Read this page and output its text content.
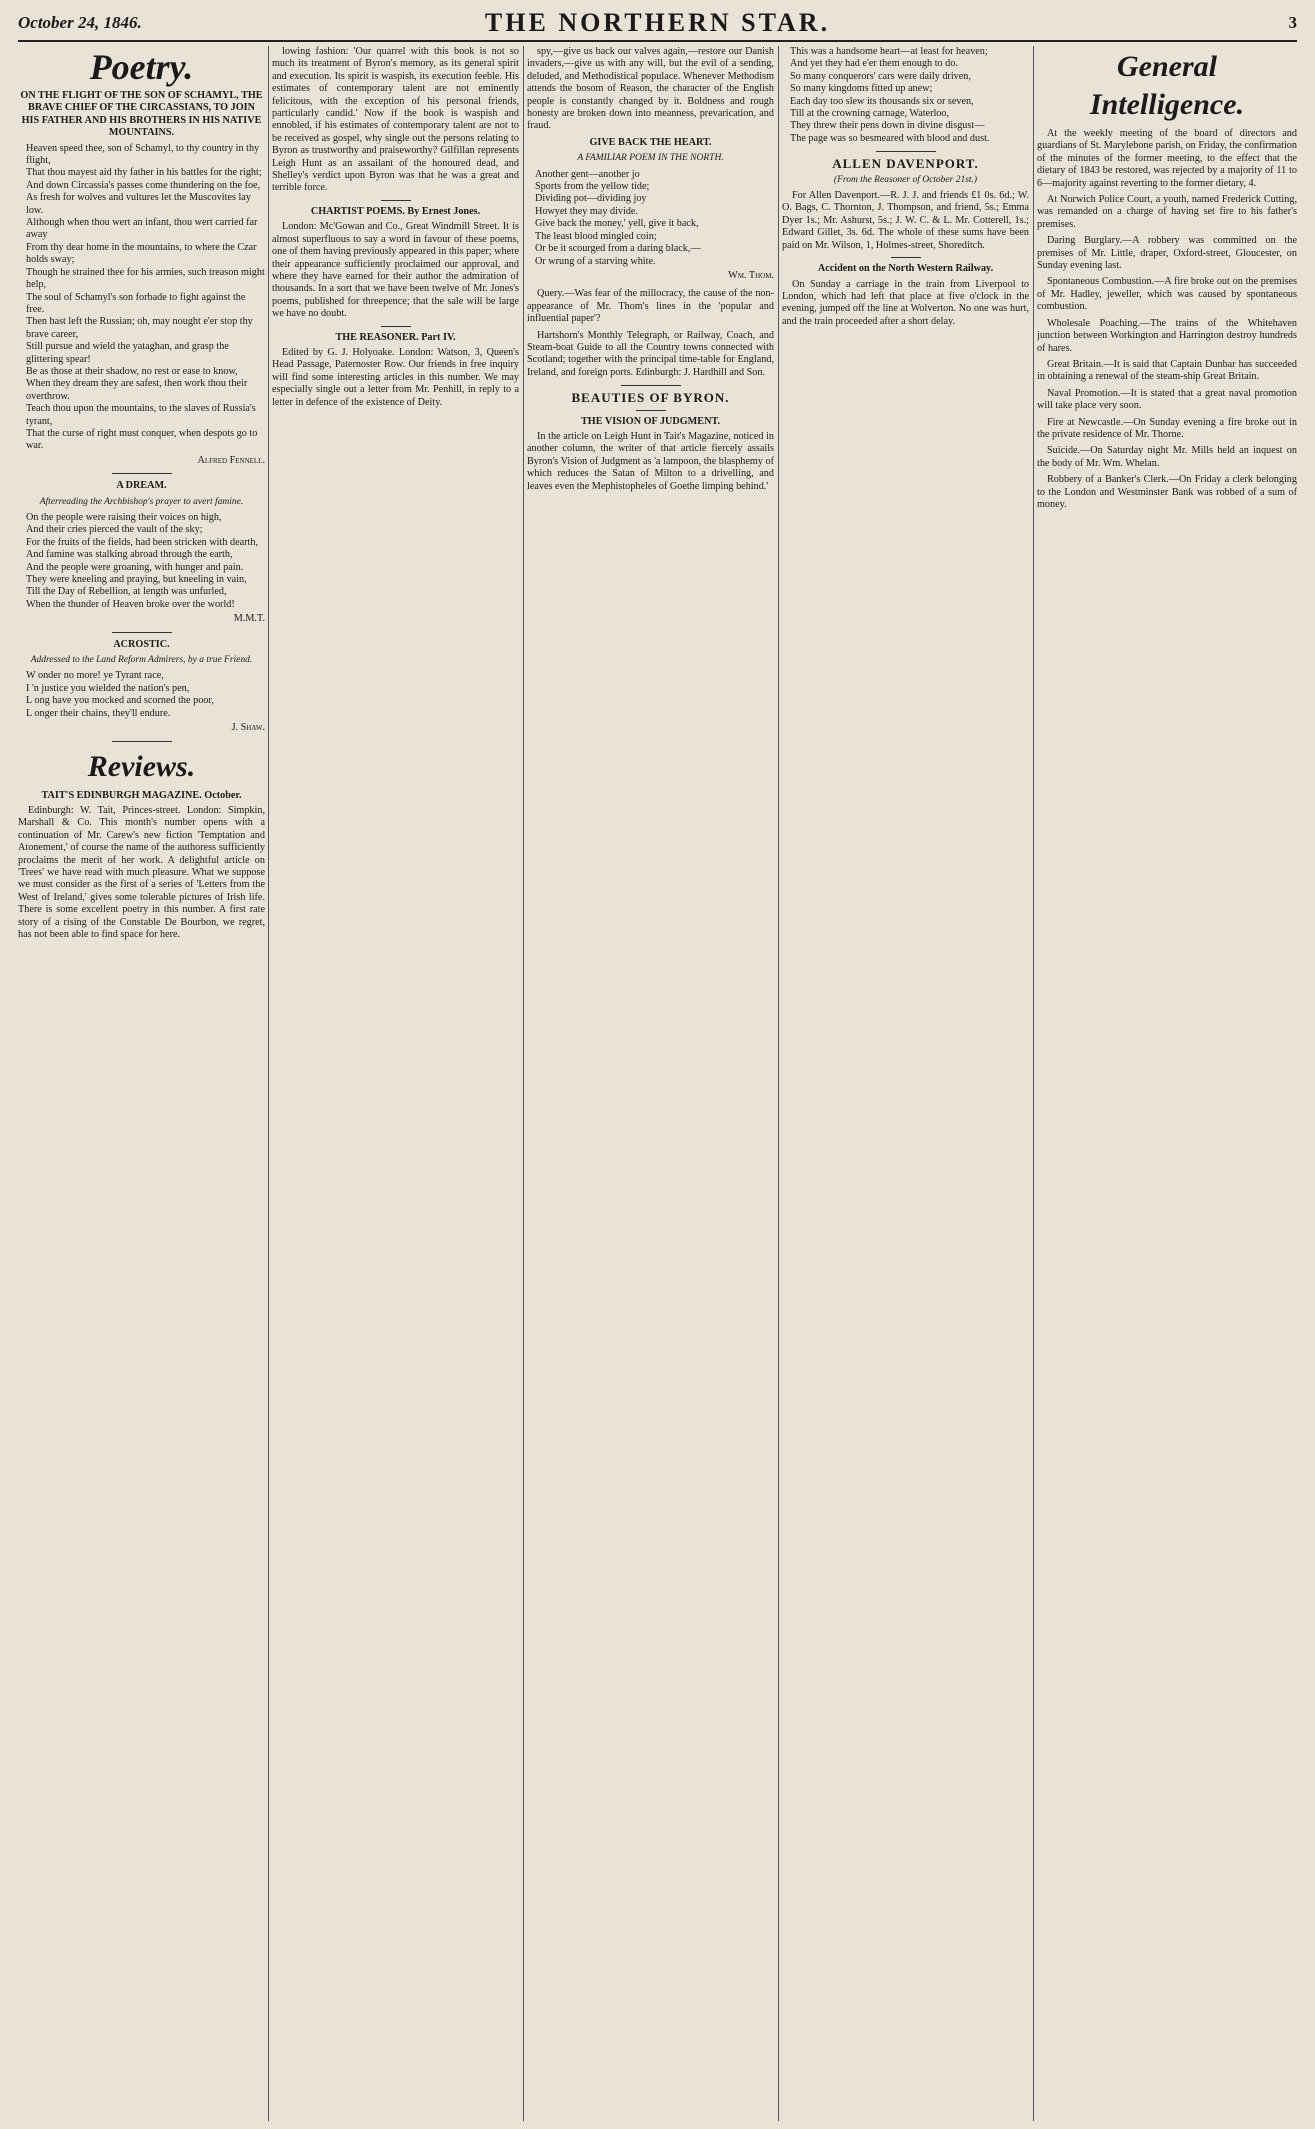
October 24, 1846.	THE NORTHERN STAR.	3
Poetry.
ON THE FLIGHT OF THE SON OF SCHAMYL, THE BRAVE CHIEF OF THE CIRCASSIANS, TO JOIN HIS FATHER AND HIS BROTHERS IN HIS NATIVE MOUNTAINS.

Heaven speed thee, son of Schamyl, to thy country in thy flight,

That thou mayest aid thy father in his battles for the right;

And down Circassia's passes come thundering on the foe,

As fresh for wolves and vultures let the Muscovites lay low.

Although when thou wert an infant, thou wert carried far away

From thy dear home in the mountains, to where the Czar holds sway;

Though he strained thee for his armies, such treason might help,

The soul of Schamyl's son forbade to fight against the free.

Then hast left the Russian; oh, may nought e'er stop thy brave career,

Still pursue and wield the yataghan, and grasp the glittering spear!

Be as those at their shadow, no rest or ease to know,

When they dream they are safest, then work thou their overthrow.

Teach thou upon the mountains, to the slaves of Russia's tyrant,

That the curse of right must conquer, when despots go to war.

Alfred Fennell.
A DREAM.
Afterreading the Archbishop's prayer to avert famine.

On the people were raising their voices on high,

And their cries pierced the vault of the sky;

For the fruits of the fields, had been stricken with dearth,

And famine was stalking abroad through the earth,

And the people were groaning, with hunger and pain.

They were kneeling and praying, but kneeling in vain,

Till the Day of Rebellion, at length was unfurled,

When the thunder of Heaven broke over the world!

M.M.T.
ACROSTIC.
Addressed to the Land Reform Admirers, by a true Friend.

W onder no more! ye Tyrant race,

I 'n justice you wielded the nation's pen,

L ong have you mocked and scorned the poor,

L onger their chains, they'll endure.

J. Shaw.
Reviews.
TAIT'S EDINBURGH MAGAZINE. October.

Edinburgh: W. Tait, Princes-street. London: Simpkin, Marshall & Co. This month's number opens with a continuation of Mr. Carew's new fiction 'Temptation and Atonement,' of course the name of the authoress sufficiently proclaims the merit of her work. A delightful article on 'Trees' we have read with much pleasure. What we suppose we must consider as the first of a series of 'Letters from the West of Ireland,' gives some tolerable pictures of Irish life. There is some excellent poetry in this number. A first rate story of a rising of the Constable De Bourbon, we regret, has not been able to find space for here.

lowing fashion: 'Our quarrel with this book is not so much its treatment of Byron's memory, as its general spirit and execution. Its spirit is waspish, its execution feeble. His estimates of contemporary talent are not eminently felicitous, with the exception of his personal friends, particularly candid.' Now if the book is waspish and ennobled, if his estimates of contemporary talent are not to be received as gospel, why single out the persons relating to Byron as trustworthy and praiseworthy? Gilfillan represents Leigh Hunt as an assailant of the honoured dead, and Shelley's verdict upon Byron was that he was a great and terrible force.

CHARTIST POEMS. By Ernest Jones.

London: Mc'Gowan and Co., Great Windmill Street. It is almost superfluous to say a word in favour of these poems, one of them having previously appeared in this paper; where their appearance sufficiently proclaimed our approval, and where they have earned for their author the admiration of thousands. In a sort that we have been twelve of Mr. Jones's poems, published for threepence; that the sale will be large we have no doubt.

THE REASONER. Part IV.

Edited by G. J. Holyoake. London: Watson, 3, Queen's Head Passage, Paternoster Row. Our friends in free inquiry will find some interesting articles in this number. We may especially single out a letter from Mr. Penhill, in reply to a letter in defence of the existence of Deity.

spy,—give us back our valves again,—restore our Danish invaders,—give us with any will, but the evil of a sending, deluded, and Methodistical populace. Whenever Methodism attends the bosom of Reason, the character of the English people is constantly changed by it. Boldness and rough honesty are broken down into meanness, prevarication, and fraud.

GIVE BACK THE HEART.
A FAMILIAR POEM IN THE NORTH.

Another gent—another jo

Sports from the yellow tide;

Dividing pot—dividing joy

Howyet they may divide.

Give back the money,' yell, give it back,

The least blood mingled coin;

Or be it scourged from a daring black,—

Or wrung of a starving white.

Wm. Thom.

Query.—Was fear of the millocracy, the cause of the non-appearance of Mr. Thom's lines in the 'popular and influential paper'?

Hartshorn's Monthly Telegraph, or Railway, Coach, and Steam-boat Guide to all the Country towns connected with Scotland; together with the principal time-table for England, Ireland, and foreign ports. Edinburgh: J. Hardhill and Son.

BEAUTIES OF BYRON.
THE VISION OF JUDGMENT.

In the article on Leigh Hunt in Tait's Magazine, noticed in another column, the writer of that article fiercely assails Byron's Vision of Judgment as 'a lampoon, the blasphemy of which reduces the Satan of Milton to a drivelling, and leaves even the Mephistopheles of Goethe limping behind.'

This was a handsome heart—at least for heaven;

And yet they had e'er them enough to do.

So many conquerors' cars were daily driven,

So many kingdoms fitted up anew;

Each day too slew its thousands six or seven,

Till at the crowning carnage, Waterloo,

They threw their pens down in divine disgust—

The page was so besmeared with blood and dust.

ALLEN DAVENPORT.
(From the Reasoner of October 21st.)

For Allen Davenport.—R. J. J. and friends £1 0s. 6d.; W. O. Bags, C. Thornton, J. Thompson, and friend, 5s.; Emma Dyer 1s.; Mr. Ashurst, 5s.; J. W. C. & L. Mr. Cotterell, 1s.; Edward Gillet, 3s. 6d. The whole of these sums have been paid on Mr. Wilson, 1, Holmes-street, Shoreditch.

Accident on the North Western Railway.

On Sunday a carriage in the train from Liverpool to London, which had left that place at five o'clock in the evening, jumped off the line at Wolverton. No one was hurt, and the train proceeded after a short delay.

General Intelligence.

At the weekly meeting of the board of directors and guardians of St. Marylebone parish, on Friday, the confirmation of the minutes of the former meeting, to the effect that the dietary of 1843 be restored, was rejected by a majority of 11 to 6—majority against reverting to the former dietary, 4.

At Norwich Police Court, a youth, named Frederick Cutting, was remanded on a charge of having set fire to his father's premises.

Daring Burglary.—A robbery was committed on the premises of Mr. Little, draper, Oxford-street, Gloucester, on Sunday evening last.

Spontaneous Combustion.—A fire broke out on the premises of Mr. Hadley, jeweller, which was caused by spontaneous combustion.

Wholesale Poaching.—The trains of the Whitehaven junction between Workington and Harrington destroy hundreds of hares.

Great Britain.—It is said that Captain Dunbar has succeeded in obtaining a renewal of the steam-ship Great Britain.

Naval Promotion.—It is stated that a great naval promotion will take place very soon.

Fire at Newcastle.—On Sunday evening a fire broke out in the private residence of Mr. Thorne.

Suicide.—On Saturday night Mr. Mills held an inquest on the body of Mr. Wm. Whelan.

Robbery of a Banker's Clerk.—On Friday a clerk belonging to the London and Westminster Bank was robbed of a sum of money.
